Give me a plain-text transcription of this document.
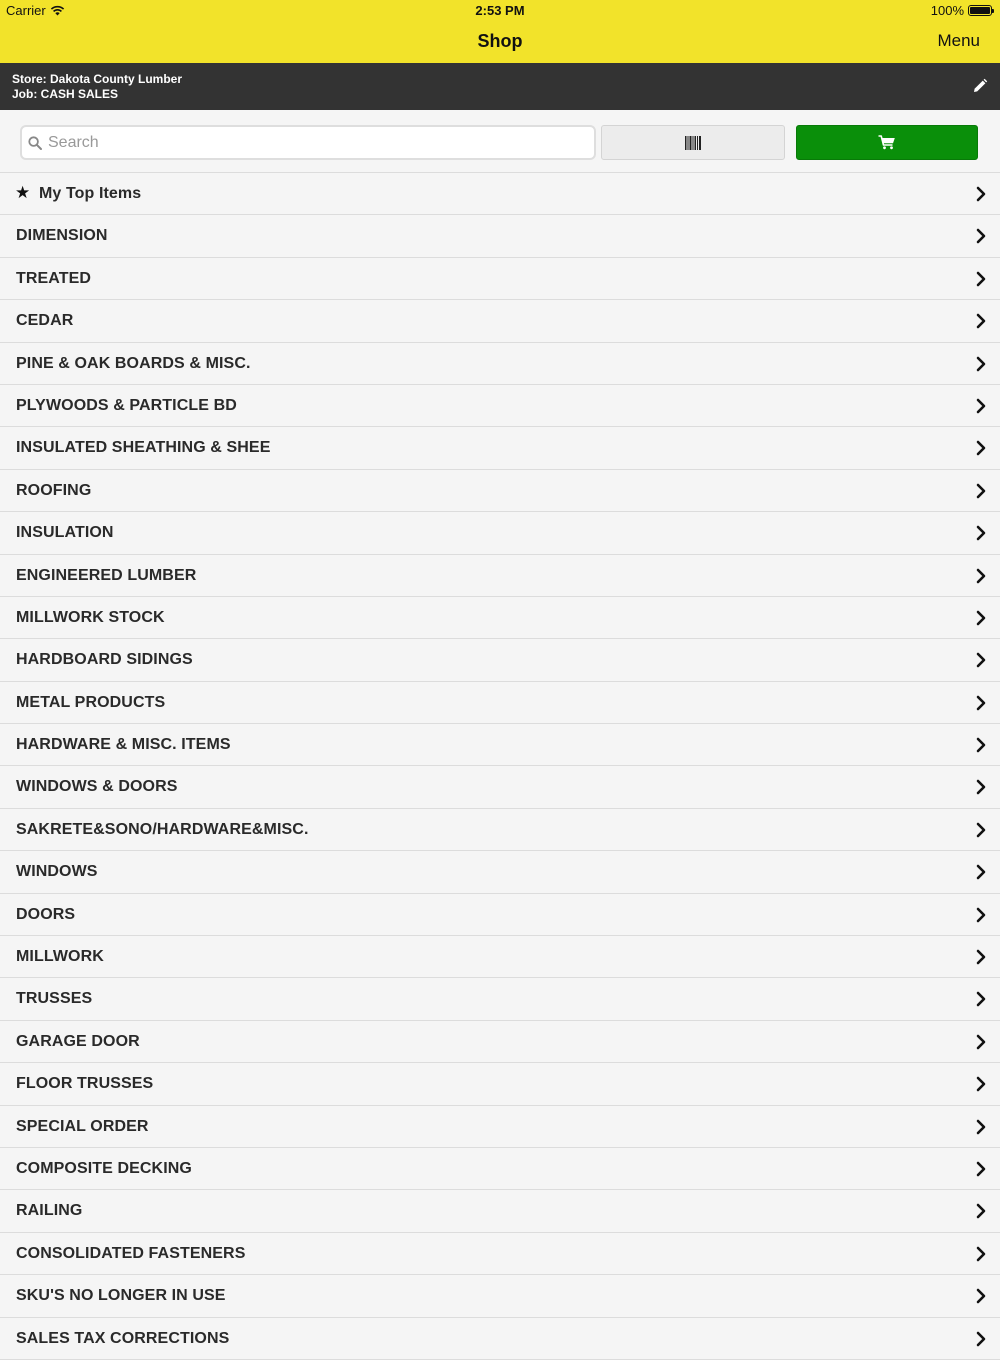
Carrier	2:53 PM	100%
Shop	Menu
Store: Dakota County Lumber
Job: CASH SALES
Search
★ My Top Items
DIMENSION
TREATED
CEDAR
PINE & OAK BOARDS & MISC.
PLYWOODS & PARTICLE BD
INSULATED SHEATHING & SHEE
ROOFING
INSULATION
ENGINEERED LUMBER
MILLWORK STOCK
HARDBOARD SIDINGS
METAL PRODUCTS
HARDWARE & MISC. ITEMS
WINDOWS & DOORS
SAKRETE&SONO/HARDWARE&MISC.
WINDOWS
DOORS
MILLWORK
TRUSSES
GARAGE DOOR
FLOOR TRUSSES
SPECIAL ORDER
COMPOSITE DECKING
RAILING
CONSOLIDATED FASTENERS
SKU'S NO LONGER IN USE
SALES TAX CORRECTIONS
